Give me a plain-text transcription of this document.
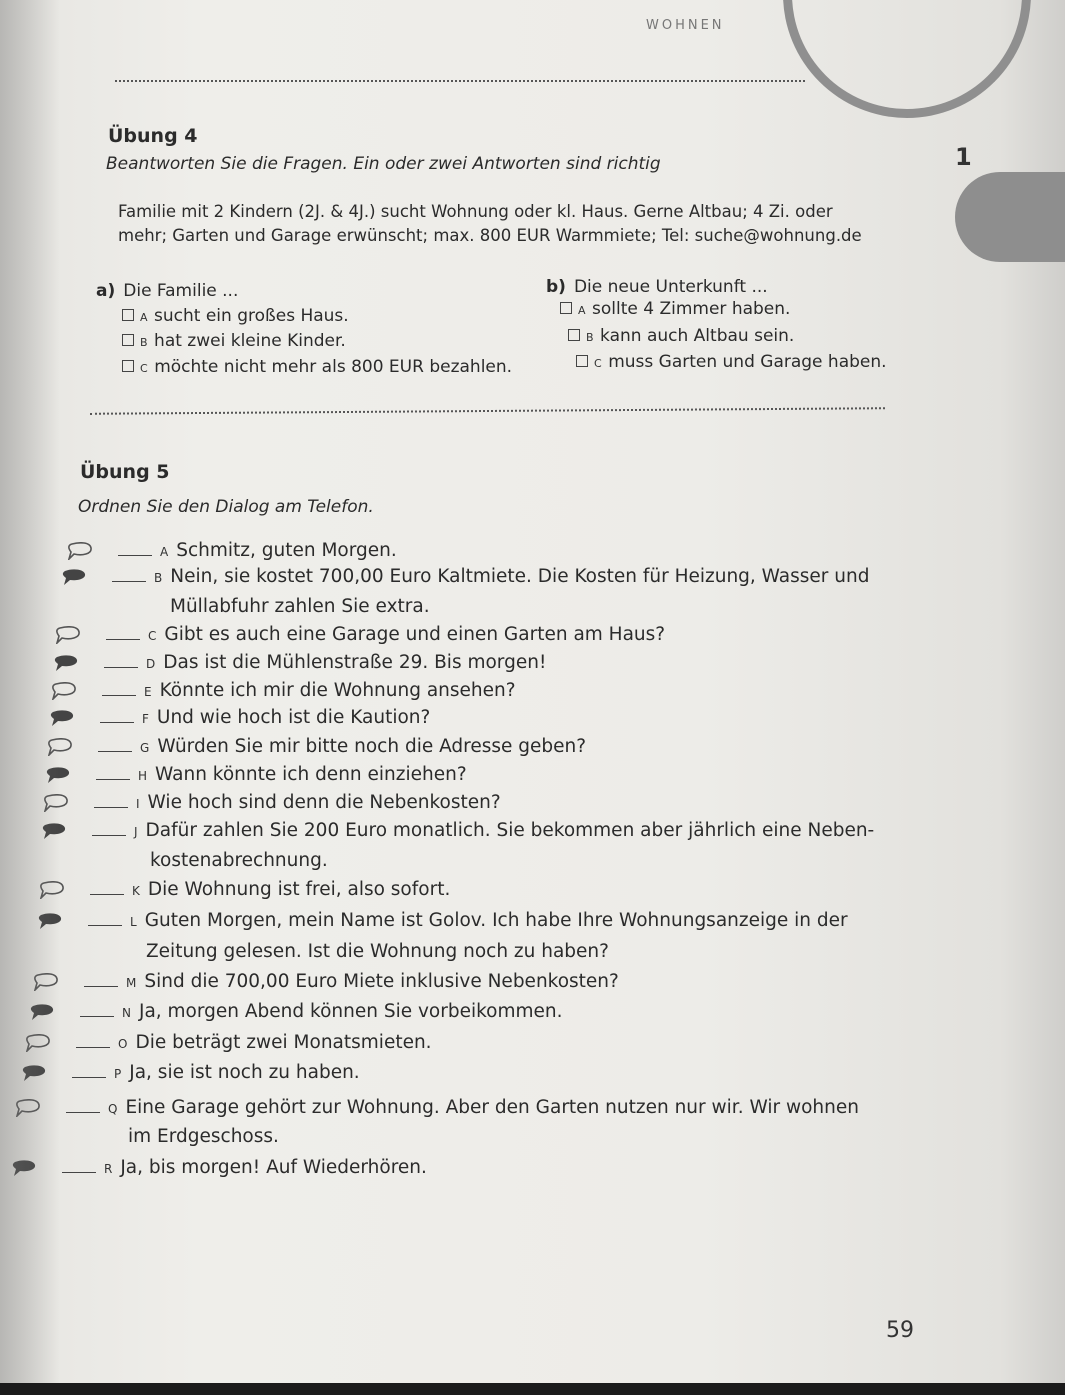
WOHNEN
1
Übung 4
Beantworten Sie die Fragen. Ein oder zwei Antworten sind richtig
Familie mit 2 Kindern (2J. & 4J.) sucht Wohnung oder kl. Haus. Gerne Altbau; 4 Zi. oder
mehr; Garten und Garage erwünscht; max. 800 EUR Warmmiete; Tel: suche@wohnung.de
a) Die Familie ...
A sucht ein großes Haus.
B hat zwei kleine Kinder.
C möchte nicht mehr als 800 EUR bezahlen.
b) Die neue Unterkunft ...
A sollte 4 Zimmer haben.
B kann auch Altbau sein.
C muss Garten und Garage haben.
Übung 5
Ordnen Sie den Dialog am Telefon.
A Schmitz, guten Morgen.
B Nein, sie kostet 700,00 Euro Kaltmiete. Die Kosten für Heizung, Wasser und
Müllabfuhr zahlen Sie extra.
C Gibt es auch eine Garage und einen Garten am Haus?
D Das ist die Mühlenstraße 29. Bis morgen!
E Könnte ich mir die Wohnung ansehen?
F Und wie hoch ist die Kaution?
G Würden Sie mir bitte noch die Adresse geben?
H Wann könnte ich denn einziehen?
I Wie hoch sind denn die Nebenkosten?
J Dafür zahlen Sie 200 Euro monatlich. Sie bekommen aber jährlich eine Neben-
kostenabrechnung.
K Die Wohnung ist frei, also sofort.
L Guten Morgen, mein Name ist Golov. Ich habe Ihre Wohnungsanzeige in der
Zeitung gelesen. Ist die Wohnung noch zu haben?
M Sind die 700,00 Euro Miete inklusive Nebenkosten?
N Ja, morgen Abend können Sie vorbeikommen.
O Die beträgt zwei Monatsmieten.
P Ja, sie ist noch zu haben.
Q Eine Garage gehört zur Wohnung. Aber den Garten nutzen nur wir. Wir wohnen
im Erdgeschoss.
R Ja, bis morgen! Auf Wiederhören.
59
